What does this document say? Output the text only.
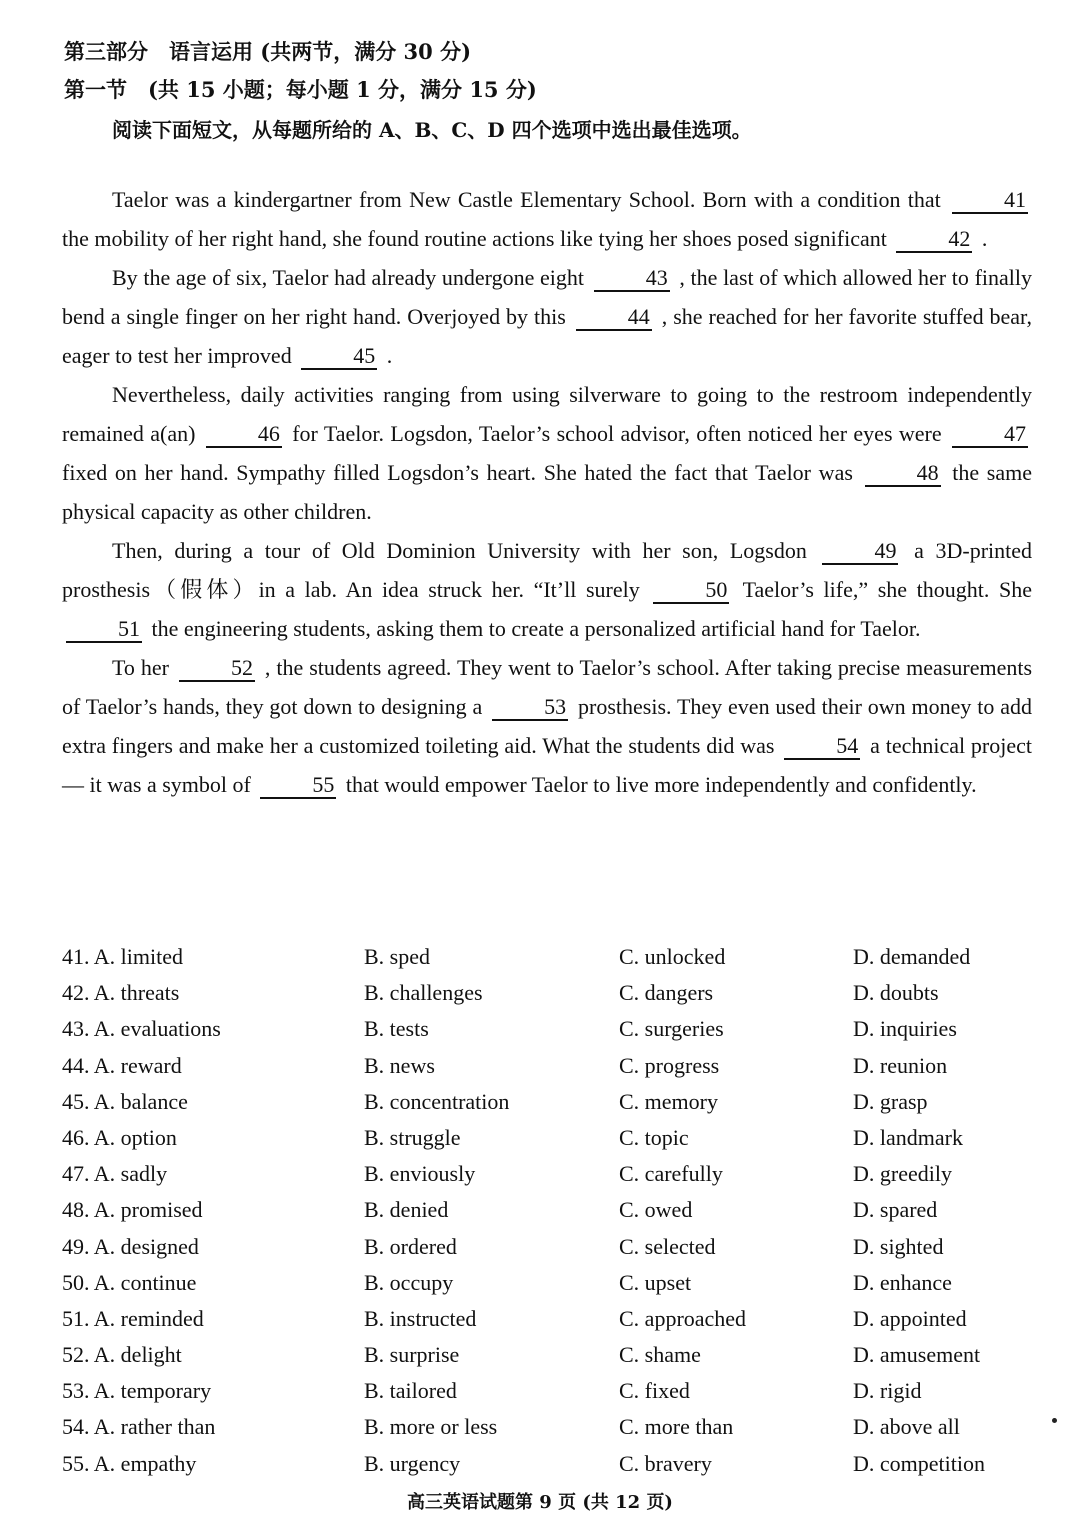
第三部分　语言运用 (共两节，满分 30 分)
第一节　(共 15 小题；每小题 1 分，满分 15 分)
阅读下面短文，从每题所给的 A、B、C、D 四个选项中选出最佳选项。

Taelor was a kindergartner from New Castle Elementary School. Born with a condition that	41 the mobility of her right hand, she found routine actions like tying her shoes posed significant	42 .

By the age of six, Taelor had already undergone eight	43 , the last of which allowed her to finally bend a single finger on her right hand. Overjoyed by this	44 , she reached for her favorite stuffed bear, eager to test her improved	45 .

Nevertheless, daily activities ranging from using silverware to going to the restroom independently remained a(an)	46 for Taelor. Logsdon, Taelor’s school advisor, often noticed her eyes were	47 fixed on her hand. Sympathy filled Logsdon’s heart. She hated the fact that Taelor was	48 the same physical capacity as other children.

Then, during a tour of Old Dominion University with her son, Logsdon	49 a 3D-printed prosthesis（假体）in a lab. An idea struck her. “It’ll surely	50 Taelor’s life,” she thought. She 51 the engineering students, asking them to create a personalized artificial hand for Taelor.

To her	52 , the students agreed. They went to Taelor’s school. After taking precise measurements of Taelor’s hands, they got down to designing a	53 prosthesis. They even used their own money to add extra fingers and make her a customized toileting aid. What the students did was	54 a technical project — it was a symbol of	55 that would empower Taelor to live more independently and confidently.

41. A. limited	B. sped	C. unlocked	D. demanded
42. A. threats	B. challenges	C. dangers	D. doubts
43. A. evaluations	B. tests	C. surgeries	D. inquiries
44. A. reward	B. news	C. progress	D. reunion
45. A. balance	B. concentration	C. memory	D. grasp
46. A. option	B. struggle	C. topic	D. landmark
47. A. sadly	B. enviously	C. carefully	D. greedily
48. A. promised	B. denied	C. owed	D. spared
49. A. designed	B. ordered	C. selected	D. sighted
50. A. continue	B. occupy	C. upset	D. enhance
51. A. reminded	B. instructed	C. approached	D. appointed
52. A. delight	B. surprise	C. shame	D. amusement
53. A. temporary	B. tailored	C. fixed	D. rigid
54. A. rather than	B. more or less	C. more than	D. above all
55. A. empathy	B. urgency	C. bravery	D. competition
高三英语试题第 9 页 (共 12 页)
